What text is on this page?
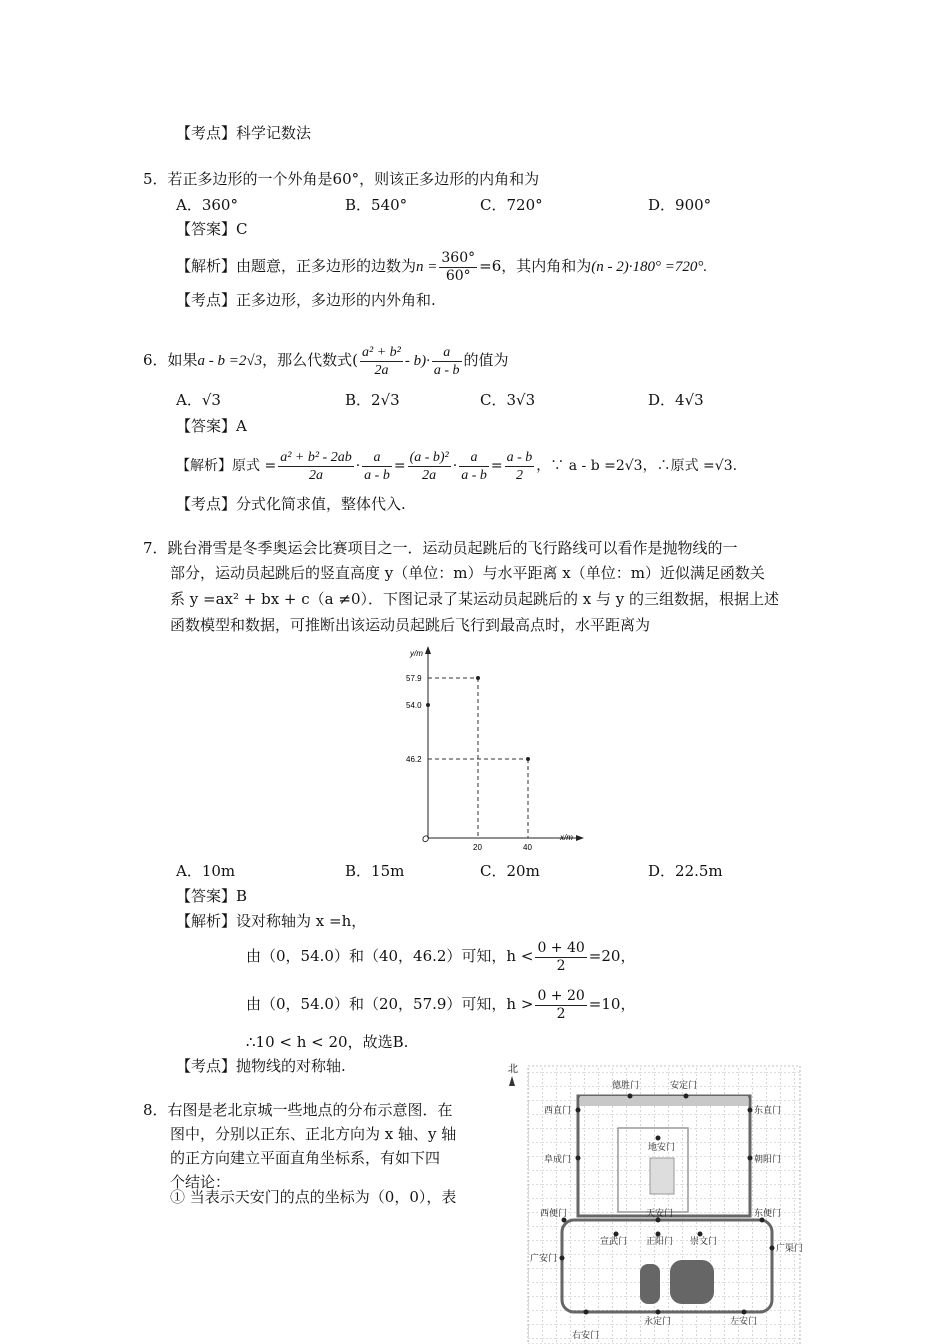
【考点】科学记数法
5．若正多边形的一个外角是60°，则该正多边形的内角和为
A．360°	B．540°	C．720°	D．900°
【答案】C
【解析】由题意，正多边形的边数为$n = \frac{360^\circ}{60^\circ} =6$，其内角和为(n - 2)·180° =720°.
【考点】正多边形，多边形的内外角和.
6．如果a - b =2√3，那么代数式( $\frac{\text{a² + b²}}{2a} - b)\cdot \frac{a}{a - b}$ 的值为
A．√3	B．2√3	C．3√3	D．4√3
【答案】A
【解析】原式 = $\frac{\text{a² + b² - 2ab}}{2a} \cdot \frac{a}{a - b} = \frac{\text{(a - b)²}}{2a} \cdot \frac{a}{a - b} = \frac{a - b}{2}$ ，∵ a - b =2√3，∴原式 =√3.
【考点】分式化简求值，整体代入.
7．跳台滑雪是冬季奥运会比赛项目之一．运动员起跳后的飞行路线可以看作是抛物线的一
部分，运动员起跳后的竖直高度 y（单位：m）与水平距离 x（单位：m）近似满足函数关
系 y =ax² + bx + c（a ≠0）．下图记录了某运动员起跳后的 x 与 y 的三组数据，根据上述
函数模型和数据，可推断出该运动员起跳后飞行到最高点时，水平距离为
y/m
x/m
O
57.9
54.0
46.2
20	40
A．10m	B．15m	C．20m	D．22.5m
【答案】B
【解析】设对称轴为 x =h，
由（0，54.0）和（40，46.2）可知，$h < \frac{0 + 40}{2} =20$，
由（0，54.0）和（20，57.9）可知，$h > \frac{0 + 20}{2} =10$，
∴10 < h < 20，故选B.
【考点】抛物线的对称轴.
8．右图是老北京城一些地点的分布示意图．在
图中，分别以正东、正北方向为 x 轴、y 轴
的正方向建立平面直角坐标系，有如下四
个结论：
① 当表示天安门的点的坐标为（0，0），表
北
德胜门	安定门
西直门	东直门
地安门
阜成门	朝阳门
西便门	天安门	东便门
宣武门 正阳门 崇文门
广渠门
广安门
永定门	左安门
右安门
